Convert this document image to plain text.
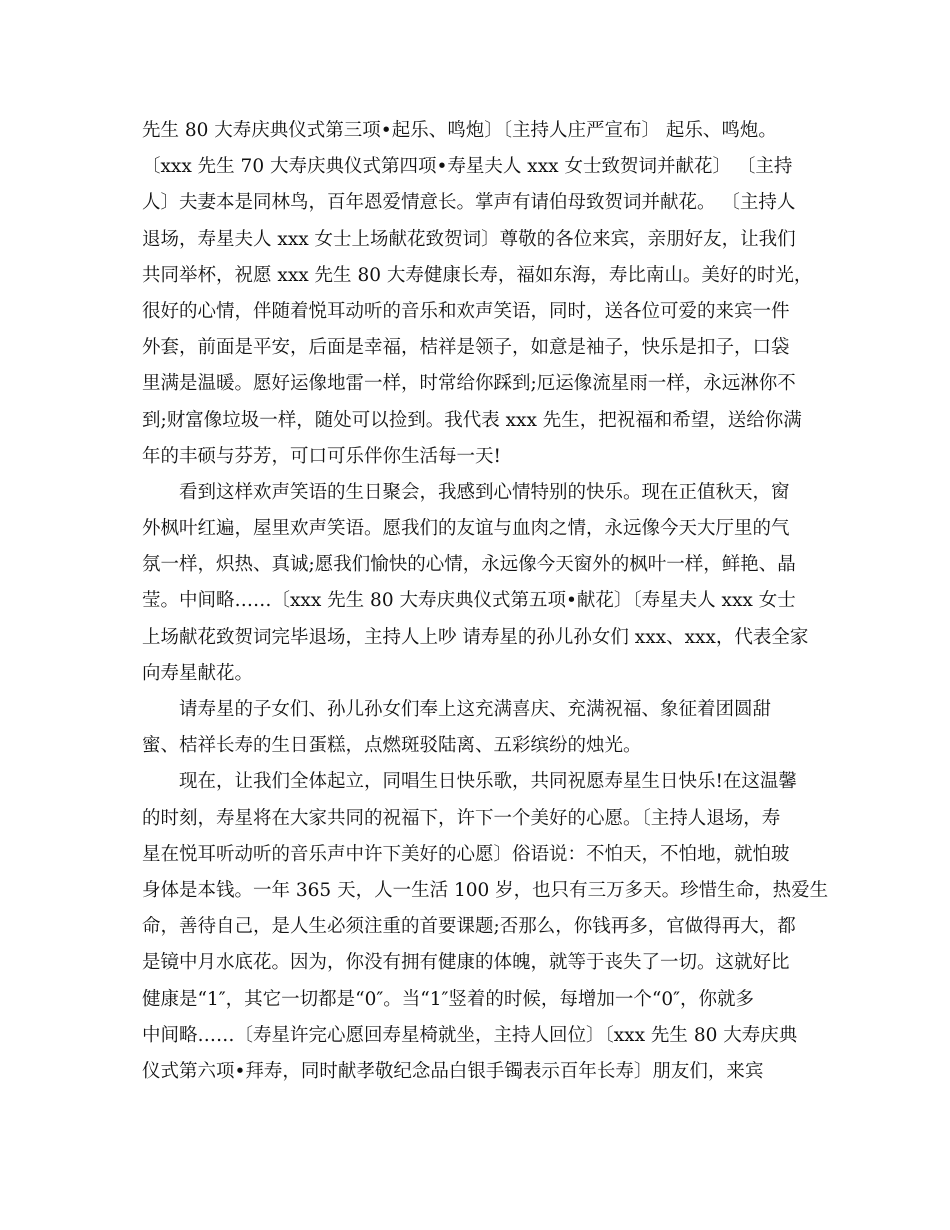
先生 80 大寿庆典仪式第三项•起乐、鸣炮〕〔主持人庄严宣布〕 起乐、鸣炮。
〔xxx 先生 70 大寿庆典仪式第四项•寿星夫人 xxx 女士致贺词并献花〕 〔主持
人〕夫妻本是同林鸟，百年恩爱情意长。掌声有请伯母致贺词并献花。 〔主持人
退场，寿星夫人 xxx 女士上场献花致贺词〕尊敬的各位来宾，亲朋好友，让我们
共同举杯，祝愿 xxx 先生 80 大寿健康长寿，福如东海，寿比南山。美好的时光，
很好的心情，伴随着悦耳动听的音乐和欢声笑语，同时，送各位可爱的来宾一件
外套，前面是平安，后面是幸福，桔祥是领子，如意是袖子，快乐是扣子，口袋
里满是温暖。愿好运像地雷一样，时常给你踩到;厄运像流星雨一样，永远淋你不
到;财富像垃圾一样，随处可以捡到。我代表 xxx 先生，把祝福和希望，送给你满
年的丰硕与芬芳，可口可乐伴你生活每一天!
看到这样欢声笑语的生日聚会，我感到心情特别的快乐。现在正值秋天，窗
外枫叶红遍，屋里欢声笑语。愿我们的友谊与血肉之情，永远像今天大厅里的气
氛一样，炽热、真诚;愿我们愉快的心情，永远像今天窗外的枫叶一样，鲜艳、晶
莹。中间略……〔xxx 先生 80 大寿庆典仪式第五项•献花〕〔寿星夫人 xxx 女士
上场献花致贺词完毕退场，主持人上吵 请寿星的孙儿孙女们 xxx、xxx，代表全家
向寿星献花。
请寿星的子女们、孙儿孙女们奉上这充满喜庆、充满祝福、象征着团圆甜
蜜、桔祥长寿的生日蛋糕，点燃斑驳陆离、五彩缤纷的烛光。
现在，让我们全体起立，同唱生日快乐歌，共同祝愿寿星生日快乐!在这温馨
的时刻，寿星将在大家共同的祝福下，许下一个美好的心愿。〔主持人退场，寿
星在悦耳听动听的音乐声中许下美好的心愿〕俗语说：不怕天，不怕地，就怕玻
身体是本钱。一年 365 天，人一生活 100 岁，也只有三万多天。珍惜生命，热爱生
命，善待自己，是人生必须注重的首要课题;否那么，你钱再多，官做得再大，都
是镜中月水底花。因为，你没有拥有健康的体魄，就等于丧失了一切。这就好比
健康是“1″，其它一切都是“0″。当“1″竖着的时候，每增加一个“0″，你就多
中间略……〔寿星许完心愿回寿星椅就坐，主持人回位〕〔xxx 先生 80 大寿庆典
仪式第六项•拜寿，同时献孝敬纪念品白银手镯表示百年长寿〕朋友们，来宾
